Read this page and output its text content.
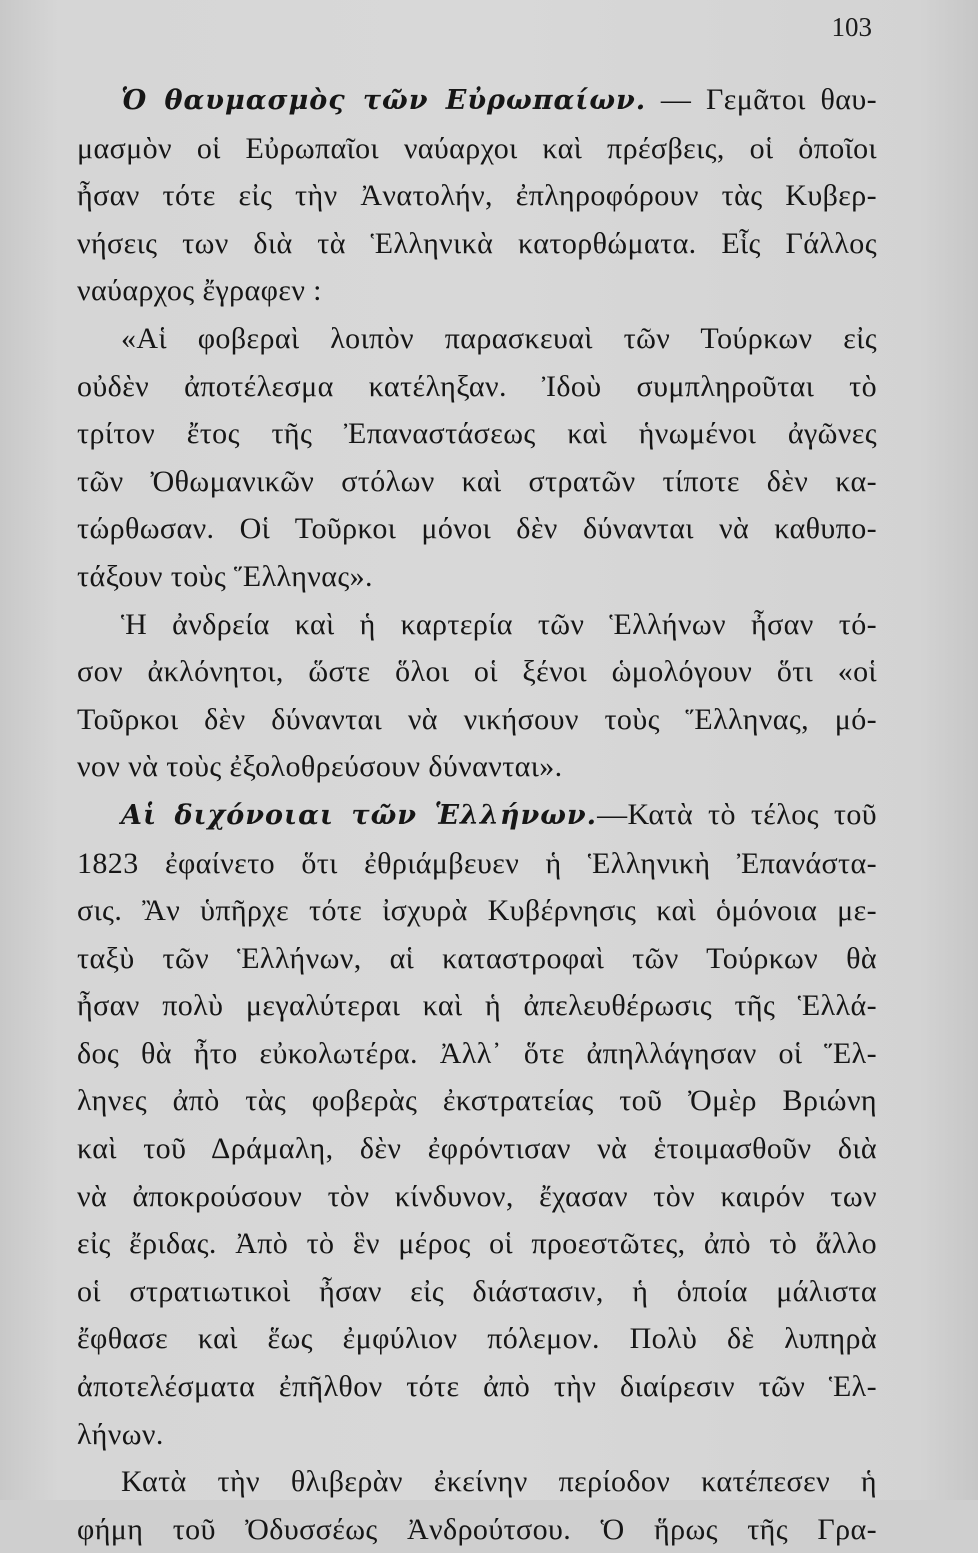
103

Ὁ θαυμασμὸς τῶν Εὐρωπαίων. — Γεμᾶτοι θαυ-

μασμὸν οἱ Εὐρωπαῖοι ναύαρχοι καὶ πρέσβεις, οἱ ὁποῖοι

ἦσαν τότε εἰς τὴν Ἀνατολήν, ἐπληροφόρουν τὰς Κυβερ-

νήσεις των διὰ τὰ Ἑλληνικὰ κατορθώματα. Εἷς Γάλλος

ναύαρχος ἔγραφεν :

«Αἱ φοβεραὶ λοιπὸν παρασκευαὶ τῶν Τούρκων εἰς

οὐδὲν ἀποτέλεσμα κατέληξαν. Ἰδοὺ συμπληροῦται τὸ

τρίτον ἔτος τῆς Ἐπαναστάσεως καὶ ἡνωμένοι ἀγῶνες

τῶν Ὀθωμανικῶν στόλων καὶ στρατῶν τίποτε δὲν κα-

τώρθωσαν. Οἱ Τοῦρκοι μόνοι δὲν δύνανται νὰ καθυπο-

τάξουν τοὺς Ἕλληνας».

Ἡ ἀνδρεία καὶ ἡ καρτερία τῶν Ἑλλήνων ἦσαν τό-

σον ἀκλόνητοι, ὥστε ὅλοι οἱ ξένοι ὡμολόγουν ὅτι «οἱ

Τοῦρκοι δὲν δύνανται νὰ νικήσουν τοὺς Ἕλληνας, μό-

νον νὰ τοὺς ἐξολοθρεύσουν δύνανται».

Αἱ διχόνοιαι τῶν Ἑλλήνων.—Κατὰ τὸ τέλος τοῦ

1823 ἐφαίνετο ὅτι ἐθριάμβευεν ἡ Ἑλληνικὴ Ἐπανάστα-

σις. Ἂν ὑπῆρχε τότε ἰσχυρὰ Κυβέρνησις καὶ ὁμόνοια με-

ταξὺ τῶν Ἑλλήνων, αἱ καταστροφαὶ τῶν Τούρκων θὰ

ἦσαν πολὺ μεγαλύτεραι καὶ ἡ ἀπελευθέρωσις τῆς Ἑλλά-

δος θὰ ἦτο εὐκολωτέρα. Ἀλλ᾽ ὅτε ἀπηλλάγησαν οἱ Ἕλ-

ληνες ἀπὸ τὰς φοβερὰς ἐκστρατείας τοῦ Ὀμὲρ Βριώνη

καὶ τοῦ Δράμαλη, δὲν ἐφρόντισαν νὰ ἑτοιμασθοῦν διὰ

νὰ ἀποκρούσουν τὸν κίνδυνον, ἔχασαν τὸν καιρόν των

εἰς ἔριδας. Ἀπὸ τὸ ἓν μέρος οἱ προεστῶτες, ἀπὸ τὸ ἄλλο

οἱ στρατιωτικοὶ ἦσαν εἰς διάστασιν, ἡ ὁποία μάλιστα

ἔφθασε καὶ ἕως ἐμφύλιον πόλεμον. Πολὺ δὲ λυπηρὰ

ἀποτελέσματα ἐπῆλθον τότε ἀπὸ τὴν διαίρεσιν τῶν Ἑλ-

λήνων.

Κατὰ τὴν θλιβερὰν ἐκείνην περίοδον κατέπεσεν ἡ

φήμη τοῦ Ὀδυσσέως Ἀνδρούτσου. Ὁ ἥρως τῆς Γρα-
